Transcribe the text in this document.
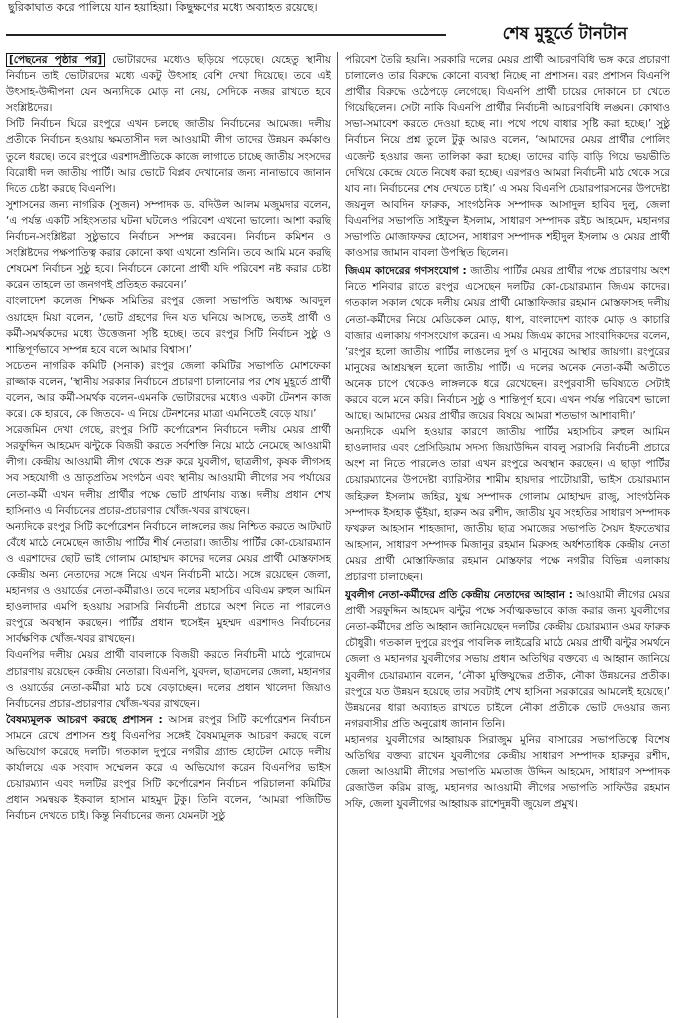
ছুরিকাঘাত করে পালিয়ে যান হয়াহিয়া। কিছুক্ষণের মধ্যে অব্যাহত রয়েছে।
শেষ মুহূর্তে টানটান

[পেছনের পৃষ্ঠার পর] ভোটারদের মধ্যেও ছড়িয়ে পড়েছে। যেহেতু স্থানীয় নির্বাচন তাই ভোটারদের মধ্যে একটু উৎসাহ বেশি দেখা দিয়েছে। তবে এই উৎসাহ-উদ্দীপনা যেন অন্যদিকে মোড় না নেয়, সেদিকে নজর রাখতে হবে সংশ্লিষ্টদের।

সিটি নির্বাচন ঘিরে রংপুরে এখন চলছে জাতীয় নির্বাচনের আমেজ। দলীয় প্রতীকে নির্বাচন হওয়ায় ক্ষমতাসীন দল আওয়ামী লীগ তাদের উন্নয়ন কর্মকাণ্ড তুলে ধরছে। তবে রংপুরে এরশাদপ্রীতিকে কাজে লাগাতে চাচ্ছে জাতীয় সংসদের বিরোধী দল জাতীয় পার্টি। আর ভোটে বিপ্লব দেখানোর জন্য নানাভাবে জানান দিতে চেষ্টা করছে বিএনপি।

সুশাসনের জন্য নাগরিক (সুজন) সম্পাদক ড. বদিউল আলম মজুমদার বলেন, ‘এ পর্যন্ত একটি সহিংসতার ঘটনা ঘটলেও পরিবেশ এখনো ভালো। আশা করছি নির্বাচন-সংশ্লিষ্টরা সুষ্ঠুভাবে নির্বাচন সম্পন্ন করবেন। নির্বাচন কমিশন ও সংশ্লিষ্টদের পক্ষপাতিত্ব করার কোনো কথা এখনো শুনিনি। তবে আমি মনে করছি শেষমেশ নির্বাচন সুষ্ঠু হবে। নির্বাচনে কোনো প্রার্থী যদি পরিবেশ নষ্ট করার চেষ্টা করেন তাহলে তা জনগণই প্রতিহত করবেন।’

বাংলাদেশ কলেজ শিক্ষক সমিতির রংপুর জেলা সভাপতি অধ্যক্ষ আবদুল ওয়াহেদ মিয়া বলেন, ‘ভোট গ্রহণের দিন যত ঘনিয়ে আসছে, ততই প্রার্থী ও কর্মী-সমর্থকদের মধ্যে উত্তেজনা সৃষ্টি হচ্ছে। তবে রংপুর সিটি নির্বাচন সুষ্ঠু ও শান্তিপূর্ণভাবে সম্পন্ন হবে বলে আমার বিশ্বাস।’

সচেতন নাগরিক কমিটি (সনাক) রংপুর জেলা কমিটির সভাপতি মোশফেকা রাজ্জাক বলেন, ‘স্থানীয় সরকার নির্বাচনে প্রচারণা চালানোর পর শেষ মুহূর্তে প্রার্থী বলেন, আর কর্মী-সমর্থক বলেন-এমনকি ভোটারদের মধ্যেও একটা টেনশন কাজ করে। কে হারবে, কে জিতবে- এ নিয়ে টেনশনের মাত্রা এমনিতেই বেড়ে যায়।’

সরেজমিন দেখা গেছে, রংপুর সিটি কর্পোরেশন নির্বাচনে দলীয় মেয়র প্রার্থী সরফুদ্দিন আহমেদ ঝন্টুকে বিজয়ী করতে সর্বশক্তি নিয়ে মাঠে নেমেছে আওয়ামী লীগ। কেন্দ্রীয় আওয়ামী লীগ থেকে শুরু করে যুবলীগ, ছাত্রলীগ, কৃষক লীগসহ সব সহযোগী ও ভ্রাতৃপ্রতিম সংগঠন এবং স্থানীয় আওয়ামী লীগের সব পর্যায়ের নেতা-কর্মী এখন দলীয় প্রার্থীর পক্ষে ভোট প্রার্থনায় ব্যস্ত। দলীয় প্রধান শেখ হাসিনাও এ নির্বাচনের প্রচার-প্রচারণার খোঁজ-খবর রাখছেন।

অন্যদিকে রংপুর সিটি কর্পোরেশন নির্বাচনে লাঙ্গলের জয় নিশ্চিত করতে আটঘাট বেঁধে মাঠে নেমেছেন জাতীয় পার্টির শীর্ষ নেতারা। জাতীয় পার্টির কো-চেয়ারম্যান ও এরশাদের ছোট ভাই গোলাম মোহাম্মদ কাদের দলের মেয়র প্রার্থী মোস্তফাসহ কেন্দ্রীয় অন্য নেতাদের সঙ্গে নিয়ে এখন নির্বাচনী মাঠে। সঙ্গে রয়েছেন জেলা, মহানগর ও ওয়ার্ডের নেতা-কর্মীরাও। তবে দলের মহাসচিব এবিএম রুহুল আমিন হাওলাদার এমপি হওয়ায় সরাসরি নির্বাচনী প্রচারে অংশ নিতে না পারলেও রংপুরে অবস্থান করছেন। পার্টির প্রধান হুসেইন মুহম্মদ এরশাদও নির্বাচনের সার্বক্ষণিক খোঁজ-খবর রাখছেন।

বিএনপির দলীয় মেয়র প্রার্থী বাবলাকে বিজয়ী করতে নির্বাচনী মাঠে পুরোদমে প্রচারণায় রয়েছেন কেন্দ্রীয় নেতারা। বিএনপি, যুবদল, ছাত্রদলের জেলা, মহানগর ও ওয়ার্ডের নেতা-কর্মীরা মাঠ চষে বেড়াচ্ছেন। দলের প্রধান খালেদা জিয়াও নির্বাচনের প্রচার-প্রচারণার খোঁজ-খবর রাখছেন।

বৈষম্যমূলক আচরণ করছে প্রশাসন : আসন্ন রংপুর সিটি কর্পোরেশন নির্বাচন সামনে রেখে প্রশাসন শুধু বিএনপির সঙ্গেই বৈষম্যমূলক আচরণ করছে বলে অভিযোগ করেছে দলটি। গতকাল দুপুরে নগরীর গ্র্যান্ড হোটেল মোড়ে দলীয় কার্যালয়ে এক সংবাদ সম্মেলন করে এ অভিযোগ করেন বিএনপির ভাইস চেয়ারম্যান এবং দলটির রংপুর সিটি কর্পোরেশন নির্বাচন পরিচালনা কমিটির প্রধান সমন্বয়ক ইকবাল হাসান মাহমুদ টুকু। তিনি বলেন, ‘আমরা পজিটিভ নির্বাচন দেখতে চাই। কিন্তু নির্বাচনের জন্য যেমনটা সুষ্ঠু

পরিবেশ তৈরি হয়নি। সরকারি দলের মেয়র প্রার্থী আচরণবিধি ভঙ্গ করে প্রচারণা চালালেও তার বিরুদ্ধে কোনো ব্যবস্থা নিচ্ছে না প্রশাসন। বরং প্রশাসন বিএনপি প্রার্থীর বিরুদ্ধে ওঠেপড়ে লেগেছে। বিএনপি প্রার্থী চায়ের দোকানে চা খেতে গিয়েছিলেন। সেটা নাকি বিএনপি প্রার্থীর নির্বাচনী আচরণবিধি লঙ্ঘন। কোথাও সভা-সমাবেশ করতে দেওয়া হচ্ছে না। পথে পথে বাধার সৃষ্টি করা হচ্ছে।’ সুষ্ঠু নির্বাচন নিয়ে প্রশ্ন তুলে টুকু আরও বলেন, ‘আমাদের মেয়র প্রার্থীর পোলিং এজেন্ট হওয়ার জন্য তালিকা করা হচ্ছে। তাদের বাড়ি বাড়ি গিয়ে ভয়ভীতি দেখিয়ে কেন্দ্রে যেতে নিষেধ করা হচ্ছে। এরপরও আমরা নির্বাচনী মাঠ থেকে সরে যাব না। নির্বাচনের শেষ দেখতে চাই।’ এ সময় বিএনপি চেয়ারপারসনের উপদেষ্টা জয়নুল আবদিন ফারুক, সাংগঠনিক সম্পাদক আসাদুল হাবিব দুলু, জেলা বিএনপির সভাপতি সাইফুল ইসলাম, সাধারণ সম্পাদক রইচ আহমেদ, মহানগর সভাপতি মোজাফফর হোসেন, সাধারণ সম্পাদক শহীদুল ইসলাম ও মেয়র প্রার্থী কাওসার জামান বাবলা উপস্থিত ছিলেন।

জিএম কাদেরের গণসংযোগ : জাতীয় পার্টির মেয়র প্রার্থীর পক্ষে প্রচারণায় অংশ নিতে শনিবার রাতে রংপুর এসেছেন দলটির কো-চেয়ারম্যান জিএম কাদের। গতকাল সকাল থেকে দলীয় মেয়র প্রার্থী মোস্তাফিজার রহমান মোস্তফাসহ দলীয় নেতা-কর্মীদের নিয়ে মেডিকেল মোড়, ধাপ, বাংলাদেশ ব্যাংক মোড় ও কাচারি বাজার এলাকায় গণসংযোগ করেন। এ সময় জিএম কাদের সাংবাদিকদের বলেন, ‘রংপুর হলো জাতীয় পার্টির লাঙলের দুর্গ ও মানুষের আস্থার জায়গা। রংপুরের মানুষের আশ্রয়স্থল হলো জাতীয় পার্টি। এ দলের অনেক নেতা-কর্মী অতীতে অনেক চাপে থেকেও লাঙ্গলকে ধরে রেখেছেন। রংপুরবাসী ভবিষ্যতে সেটাই করবে বলে মনে করি। নির্বাচন সুষ্ঠু ও শান্তিপূর্ণ হবে। এখন পর্যন্ত পরিবেশ ভালো আছে। আমাদের মেয়র প্রার্থীর জয়ের বিষয়ে আমরা শতভাগ আশাবাদী।’

অন্যদিকে এমপি হওয়ার কারণে জাতীয় পার্টির মহাসচিব রুহুল আমিন হাওলাদার এবং প্রেসিডিয়াম সদস্য জিয়াউদ্দিন বাবলু সরাসরি নির্বাচনী প্রচারে অংশ না নিতে পারলেও তারা এখন রংপুরে অবস্থান করছেন। এ ছাড়া পার্টির চেয়ারম্যানের উপদেষ্টা ব্যারিস্টার শামীম হায়দার পাটোয়ারী, ভাইস চেয়ারম্যান জহিরুল ইসলাম জহির, যুগ্ম সম্পাদক গোলাম মোহাম্মদ রাজু, সাংগঠনিক সম্পাদক ইসহাক ভূঁইয়া, হারুন অর রশীদ, জাতীয় যুব সংহতির সাধারণ সম্পাদক ফখরুল আহসান শাহজাদা, জাতীয় ছাত্র সমাজের সভাপতি সৈয়দ ইফতেখার আহসান, সাধারণ সম্পাদক মিজানুর রহমান মিরুসহ অর্ধশতাধিক কেন্দ্রীয় নেতা মেয়র প্রার্থী মোস্তাফিজার রহমান মোস্তফার পক্ষে নগরীর বিভিন্ন এলাকায় প্রচারণা চালাচ্ছেন।

যুবলীগ নেতা-কর্মীদের প্রতি কেন্দ্রীয় নেতাদের আহ্বান : আওয়ামী লীগের মেয়র প্রার্থী সরফুদ্দিন আহমেদ ঝন্টুর পক্ষে সর্বাত্মকভাবে কাজ করার জন্য যুবলীগের নেতা-কর্মীদের প্রতি আহ্বান জানিয়েছেন দলটির কেন্দ্রীয় চেয়ারম্যান ওমর ফারুক চৌধুরী। গতকাল দুপুরে রংপুর পাবলিক লাইব্রেরি মাঠে মেয়র প্রার্থী ঝন্টুর সমর্থনে জেলা ও মহানগর যুবলীগের সভায় প্রধান অতিথির বক্তব্যে এ আহ্বান জানিয়ে যুবলীগ চেয়ারম্যান বলেন, ‘নৌকা মুক্তিযুদ্ধের প্রতীক, নৌকা উন্নয়নের প্রতীক। রংপুরে যত উন্নয়ন হয়েছে তার সবটাই শেখ হাসিনা সরকারের আমলেই হয়েছে।’ উন্নয়নের ধারা অব্যাহত রাখতে চাইলে নৌকা প্রতীকে ভোট দেওয়ার জন্য নগরবাসীর প্রতি অনুরোধ জানান তিনি।

মহানগর যুবলীগের আহ্বায়ক সিরাজুম মুনির বাসারের সভাপতিত্বে বিশেষ অতিথির বক্তব্য রাখেন যুবলীগের কেন্দ্রীয় সাধারণ সম্পাদক হারুনুর রশীদ, জেলা আওয়ামী লীগের সভাপতি মমতাজ উদ্দিন আহমেদ, সাধারণ সম্পাদক রেজাউল করিম রাজু, মহানগর আওয়ামী লীগের সভাপতি সাফিউর রহমান সফি, জেলা যুবলীগের আহ্বায়ক রাশেদুন্নবী জুয়েল প্রমুখ।
